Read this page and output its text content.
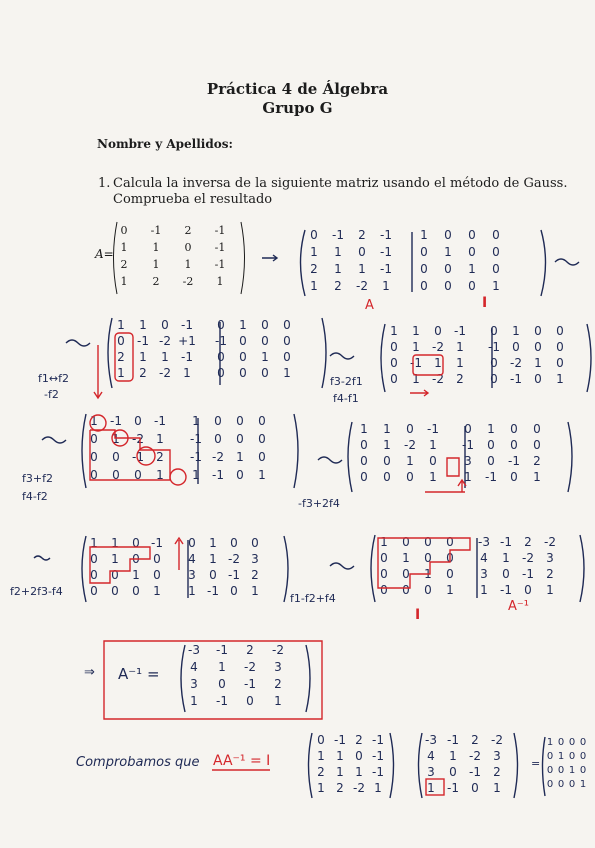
Práctica 4 de Álgebra
Grupo G
Nombre y Apellidos:
1. Calcula la inversa de la siguiente matriz usando el método de Gauss.
Comprueba el resultado
A=
0	-1	2	-1
1	1	0	-1
2	1	1	-1
1	2	-2	1
0	-1	2	-1	1	0	0	0
1	1	0	-1	0	1	0	0
2	1	1	-1	0	0	1	0
1	2	-2	1	0	0	0	1
A	I
1	1	0	-1	0	1	0	0
0	-1 -2 +1 -1	0	0	0
2	1	1	-1	0	0	1	0
1	2	-2	1	0	0	0	1
f1↔f2
-f2
1	1	0	-1	0	1	0	0
0	1	-2	1	-1	0	0	0
0	-1	1	1	0	-2	1	0
0	1	-2	2	0	-1	0	1
f3-2f1
f4-f1
1	-1	0	-1	1	0	0	0
0	1	-2	1	-1	0	0	0
0	0	-1	2	-1 -2	1	0
0	0	0	1	1	-1	0	1
f3+f2
f4-f2
1	1	0	-1	0	1	0	0
0	1	-2	1	-1	0	0	0
0	0	1	0	3	0	-1	2
0	0	0	1	1	-1	0	1
-f3+2f4
1	1	0 -1	0	1	0	0
0	1	0	0	4	1 -2 3
0	0	1	0	3	0 -1 2
0	0	0	1	1 -1 0	1
f2+2f3-f4
1	0	0	0	-3 -1	2	-2
0	1	0	0	4	1	-2	3
0	0	1	0	3	0	-1	2
0	0	0	1	1	-1	0	1
f1-f2+f4
I
A⁻¹
⇒ A⁻¹ =
-3 -1	2	-2
4	1	-2	3
3	0	-1	2
1	-1	0	1
Comprobamos que AA⁻¹ = I
0 -1 2 -1
1 1 0 -1
2 1 1 -1
1 2 -2 1
-3 -1	2	-2
4	1	-2	3
3	0	-1	2
1	-1	0	1
=
1 0 0 0
0 1 0 0
0 0 1 0
0 0 0 1
